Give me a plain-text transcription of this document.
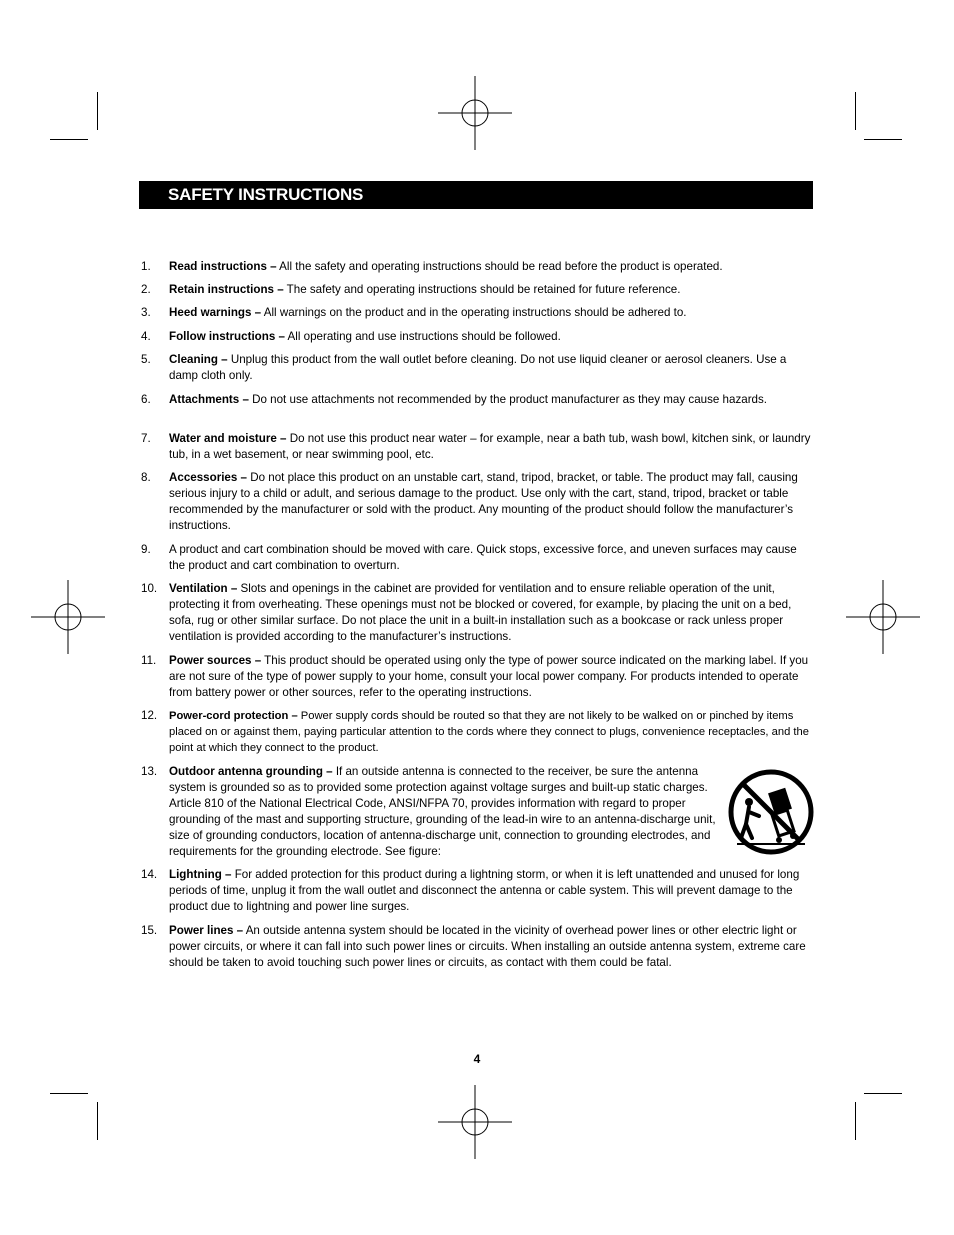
SAFETY INSTRUCTIONS
1. Read instructions – All the safety and operating instructions should be read before the product is operated.
2. Retain instructions – The safety and operating instructions should be retained for future reference.
3. Heed warnings – All warnings on the product and in the operating instructions should be adhered to.
4. Follow instructions – All operating and use instructions should be followed.
5. Cleaning – Unplug this product from the wall outlet before cleaning. Do not use liquid cleaner or aerosol cleaners. Use a damp cloth only.
6. Attachments – Do not use attachments not recommended by the product manufacturer as they may cause hazards.
7. Water and moisture – Do not use this product near water – for example, near a bath tub, wash bowl, kitchen sink, or laundry tub, in a wet basement, or near swimming pool, etc.
8. Accessories – Do not place this product on an unstable cart, stand, tripod, bracket, or table. The product may fall, causing serious injury to a child or adult, and serious damage to the product. Use only with the cart, stand, tripod, bracket or table recommended by the manufacturer or sold with the product. Any mounting of the product should follow the manufacturer’s instructions.
9. A product and cart combination should be moved with care. Quick stops, excessive force, and uneven surfaces may cause the product and cart combination to overturn.
10. Ventilation – Slots and openings in the cabinet are provided for ventilation and to ensure reliable operation of the unit, protecting it from overheating. These openings must not be blocked or covered, for example, by placing the unit on a bed, sofa, rug or other similar surface. Do not place the unit in a built-in installation such as a bookcase or rack unless proper ventilation is provided according to the manufacturer’s instructions.
11. Power sources – This product should be operated using only the type of power source indicated on the marking label. If you are not sure of the type of power supply to your home, consult your local power company. For products intended to operate from battery power or other sources, refer to the operating instructions.
12. Power-cord protection – Power supply cords should be routed so that they are not likely to be walked on or pinched by items placed on or against them, paying particular attention to the cords where they connect to plugs, convenience receptacles, and the point at which they connect to the product.
13. Outdoor antenna grounding – If an outside antenna is connected to the receiver, be sure the antenna system is grounded so as to provided some protection against voltage surges and built-up static charges. Article 810 of the National Electrical Code, ANSI/NFPA 70, provides information with regard to proper grounding of the mast and supporting structure, grounding of the lead-in wire to an antenna-discharge unit, size of grounding conductors, location of antenna-discharge unit, connection to grounding electrodes, and requirements for the grounding electrode. See figure:
14. Lightning – For added protection for this product during a lightning storm, or when it is left unattended and unused for long periods of time, unplug it from the wall outlet and disconnect the antenna or cable system. This will prevent damage to the product due to lightning and power line surges.
15. Power lines – An outside antenna system should be located in the vicinity of overhead power lines or other electric light or power circuits, or where it can fall into such power lines or circuits. When installing an outside antenna system, extreme care should be taken to avoid touching such power lines or circuits, as contact with them could be fatal.
4
